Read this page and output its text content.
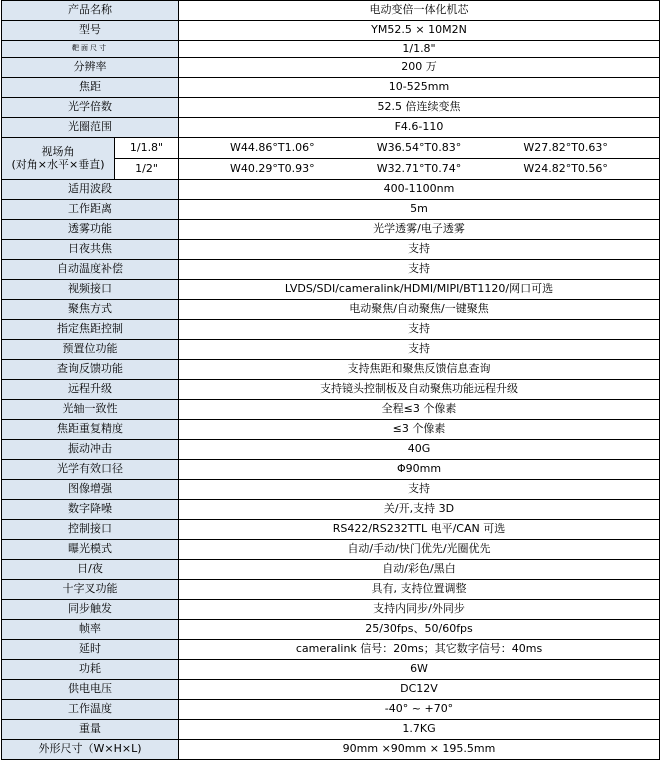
产品名称		电动变倍一体化机芯
型号		YM52.5 × 10M2N
靶面尺寸		1/1.8"
分辨率		200 万
焦距		10-525mm
光学倍数		52.5 倍连续变焦
光圈范围		F4.6-110

视场角
(对角×水平×垂直)	1/1.8"	W44.86°T1.06° W36.54°T0.83° W27.82°T0.63°

	1/2"	W40.29°T0.93° W32.71°T0.74° W24.82°T0.56°

适用波段		400-1100nm
工作距离		5m
透雾功能		光学透雾/电子透雾
日夜共焦		支持
自动温度补偿		支持
视频接口		LVDS/SDI/cameralink/HDMI/MIPI/BT1120/网口可选
聚焦方式		电动聚焦/自动聚焦/一键聚焦
指定焦距控制		支持
预置位功能		支持
查询反馈功能		支持焦距和聚焦反馈信息查询
远程升级		支持镜头控制板及自动聚焦功能远程升级
光轴一致性		全程≤3 个像素
焦距重复精度		≤3 个像素
振动冲击		40G
光学有效口径		Φ90mm
图像增强		支持
数字降噪		关/开,支持 3D
控制接口		RS422/RS232TTL 电平/CAN 可选
曝光模式		自动/手动/快门优先/光圈优先
日/夜		自动/彩色/黑白
十字叉功能		具有, 支持位置调整
同步触发		支持内同步/外同步
帧率		25/30fps、50/60fps
延时		cameralink 信号：20ms；其它数字信号：40ms
功耗		6W
供电电压		DC12V
工作温度		-40° ~ +70°
重量		1.7KG
外形尺寸（W×H×L)		90mm ×90mm × 195.5mm
